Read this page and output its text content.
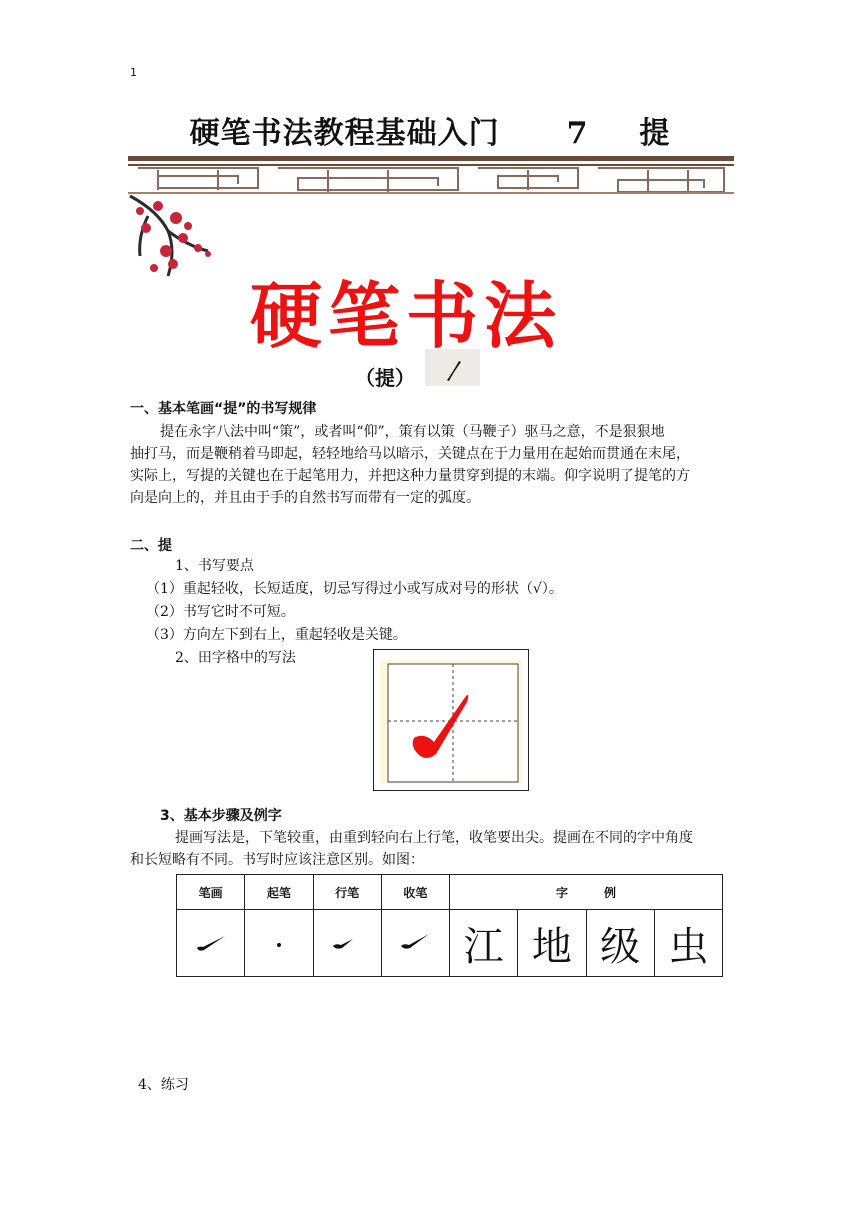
1
硬笔书法教程基础入门 7 提
硬笔书法
（提）
一、基本笔画“提”的书写规律
提在永字八法中叫“策”，或者叫“仰”，策有以策（马鞭子）驱马之意，不是狠狠地
抽打马，而是鞭稍着马即起，轻轻地给马以暗示，关键点在于力量用在起始而贯通在末尾，
实际上，写提的关键也在于起笔用力，并把这种力量贯穿到提的末端。仰字说明了提笔的方
向是向上的，并且由于手的自然书写而带有一定的弧度。
二、提
1、书写要点
（1）重起轻收，长短适度，切忌写得过小或写成对号的形状（√）。
（2）书写它时不可短。
（3）方向左下到右上，重起轻收是关键。
2、田字格中的写法
3、基本步骤及例字
提画写法是，下笔较重，由重到轻向右上行笔，收笔要出尖。提画在不同的字中角度
和长短略有不同。书写时应该注意区别。如图：
笔画	起笔	行笔	收笔	字　　　例			
				江	地	级	虫
4、练习
